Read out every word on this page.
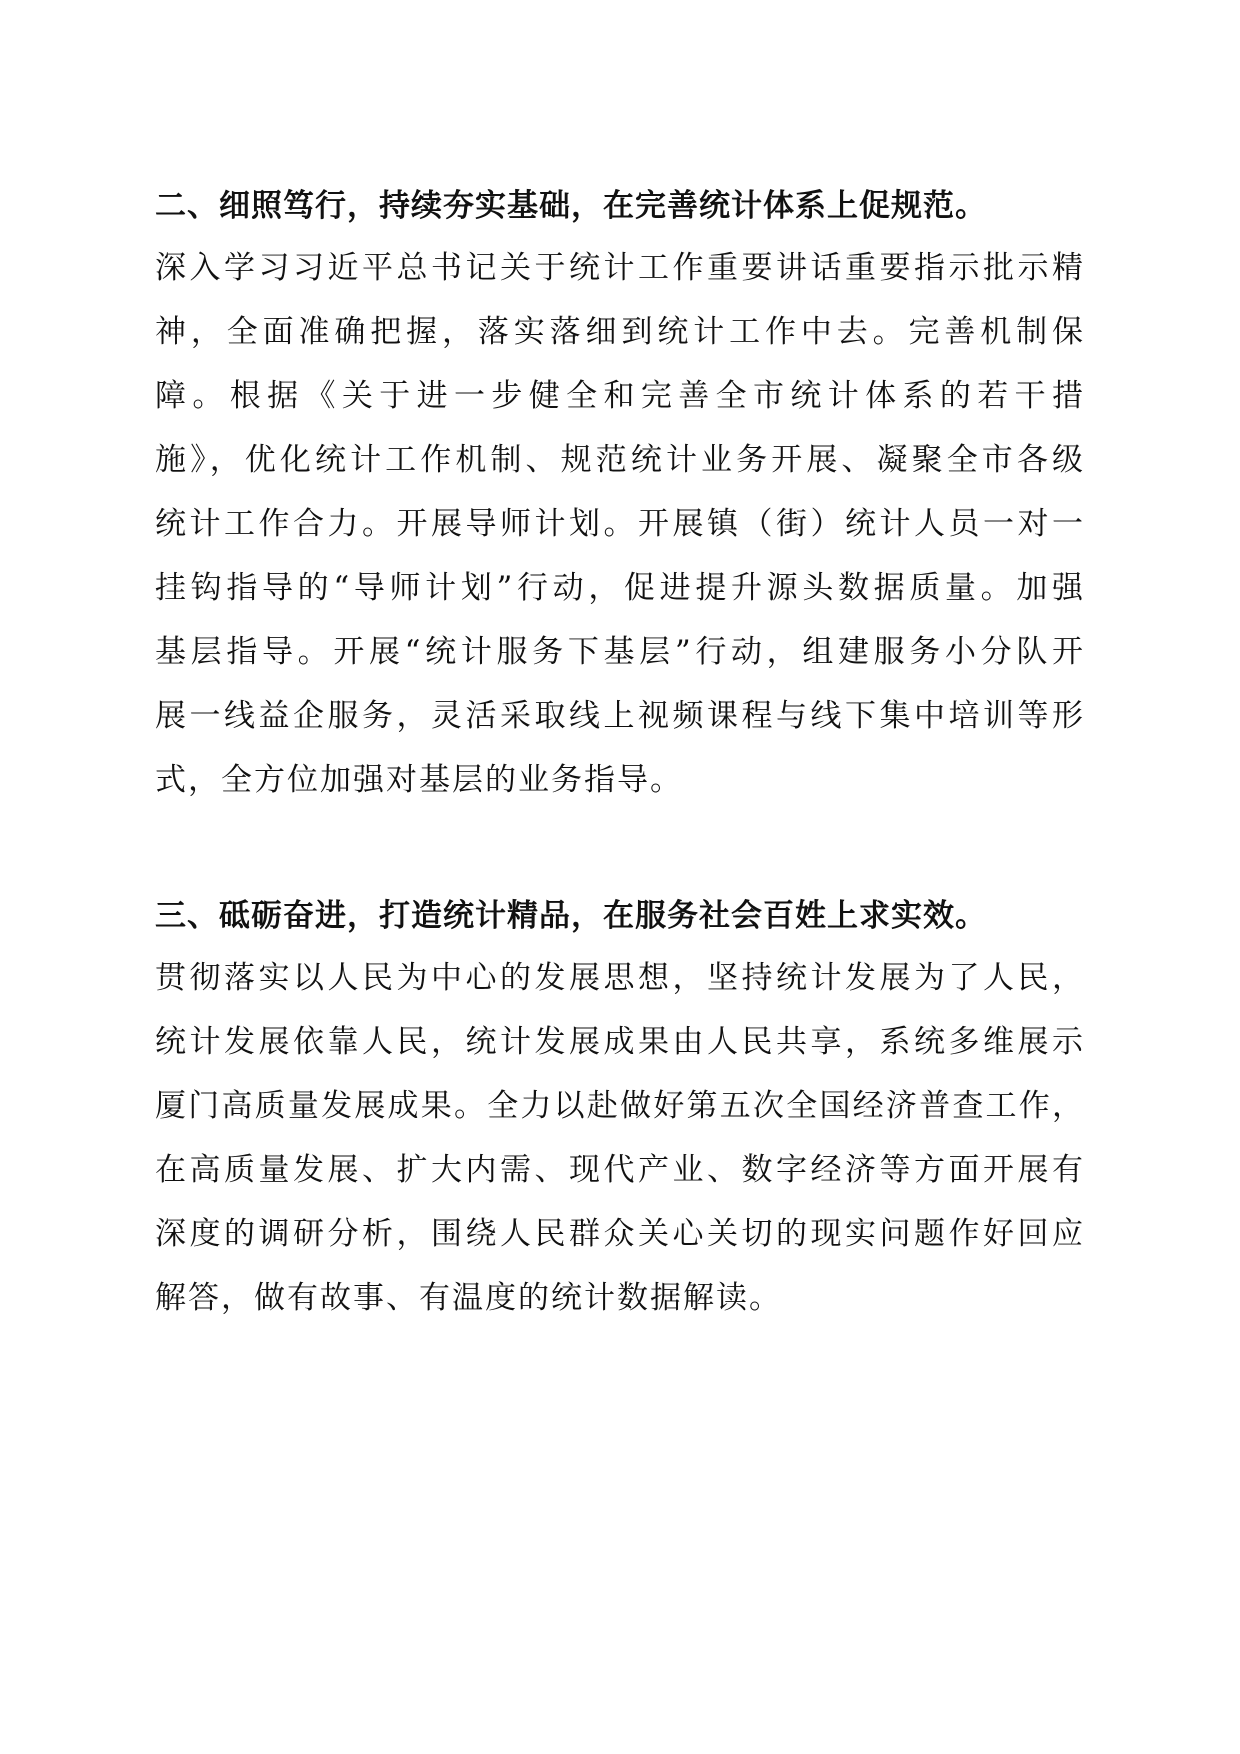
二、细照笃行，持续夯实基础，在完善统计体系上促规范。
深入学习习近平总书记关于统计工作重要讲话重要指示批示精
神，全面准确把握，落实落细到统计工作中去。完善机制保
障。根据《关于进一步健全和完善全市统计体系的若干措
施》，优化统计工作机制、规范统计业务开展、凝聚全市各级
统计工作合力。开展导师计划。开展镇（街）统计人员一对一
挂钩指导的“导师计划”行动，促进提升源头数据质量。加强
基层指导。开展“统计服务下基层”行动，组建服务小分队开
展一线益企服务，灵活采取线上视频课程与线下集中培训等形
式，全方位加强对基层的业务指导。
三、砥砺奋进，打造统计精品，在服务社会百姓上求实效。
贯彻落实以人民为中心的发展思想，坚持统计发展为了人民，
统计发展依靠人民，统计发展成果由人民共享，系统多维展示
厦门高质量发展成果。全力以赴做好第五次全国经济普查工作，
在高质量发展、扩大内需、现代产业、数字经济等方面开展有
深度的调研分析，围绕人民群众关心关切的现实问题作好回应
解答，做有故事、有温度的统计数据解读。
